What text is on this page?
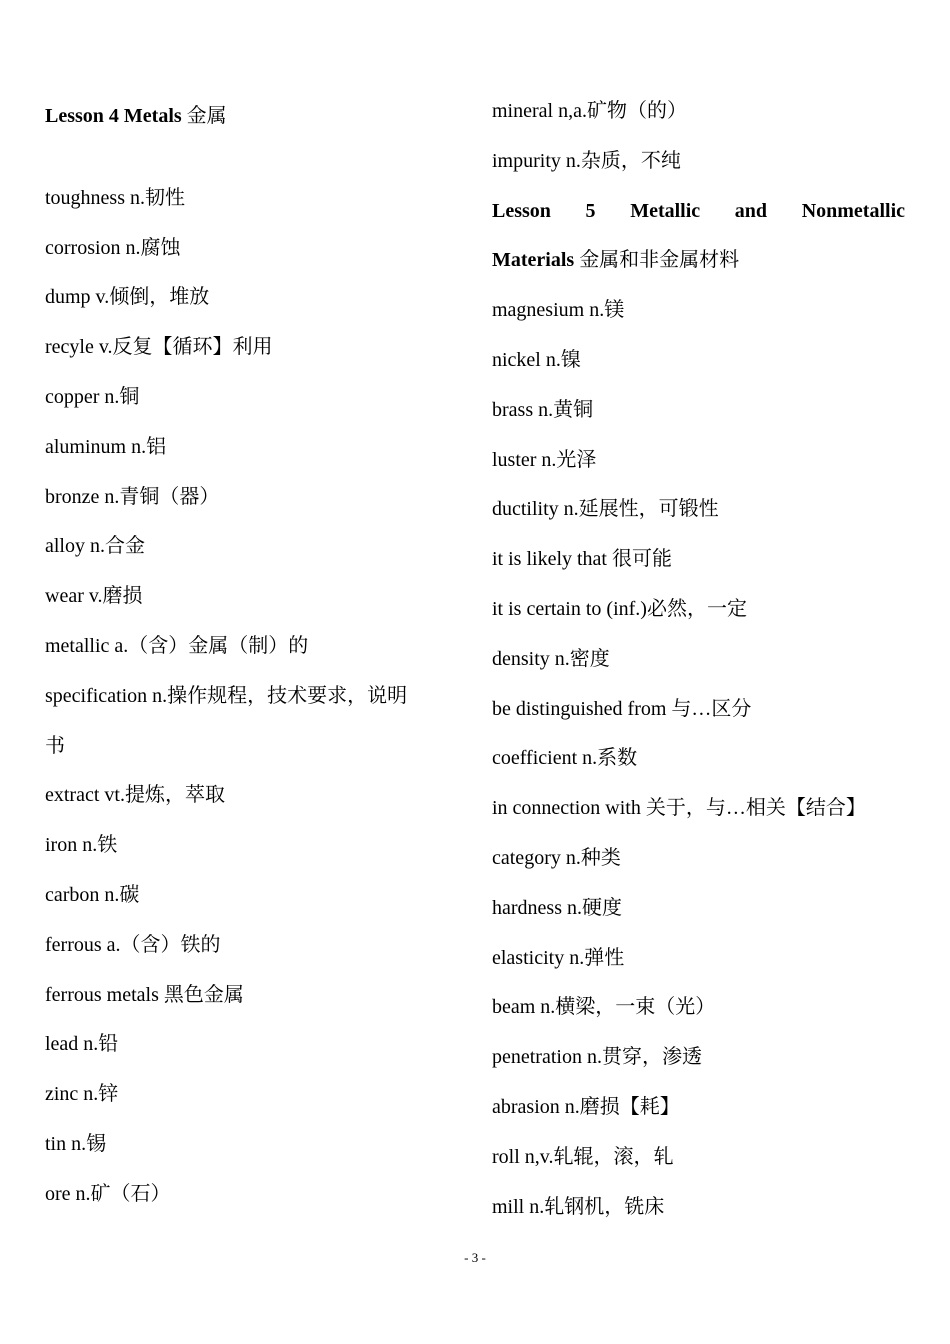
Lesson 4 Metals 金属
toughness n.韧性
corrosion n.腐蚀
dump v.倾倒，堆放
recyle v.反复【循环】利用
copper n.铜
aluminum n.铝
bronze n.青铜（器）
alloy n.合金
wear v.磨损
metallic a.（含）金属（制）的
specification n.操作规程，技术要求，说明
书
extract vt.提炼，萃取
iron n.铁
carbon n.碳
ferrous a.（含）铁的
ferrous metals 黑色金属
lead n.铅
zinc n.锌
tin n.锡
ore n.矿（石）
mineral n,a.矿物（的）
impurity n.杂质，不纯
Lesson 5 Metallic and Nonmetallic
Materials 金属和非金属材料
magnesium n.镁
nickel n.镍
brass n.黄铜
luster n.光泽
ductility n.延展性，可锻性
it is likely that 很可能
it is certain to (inf.)必然，一定
density n.密度
be distinguished from 与…区分
coefficient n.系数
in connection with 关于，与…相关【结合】
category n.种类
hardness n.硬度
elasticity n.弹性
beam n.横梁，一束（光）
penetration n.贯穿，渗透
abrasion n.磨损【耗】
roll n,v.轧辊，滚，轧
mill n.轧钢机，铣床
- 3 -
